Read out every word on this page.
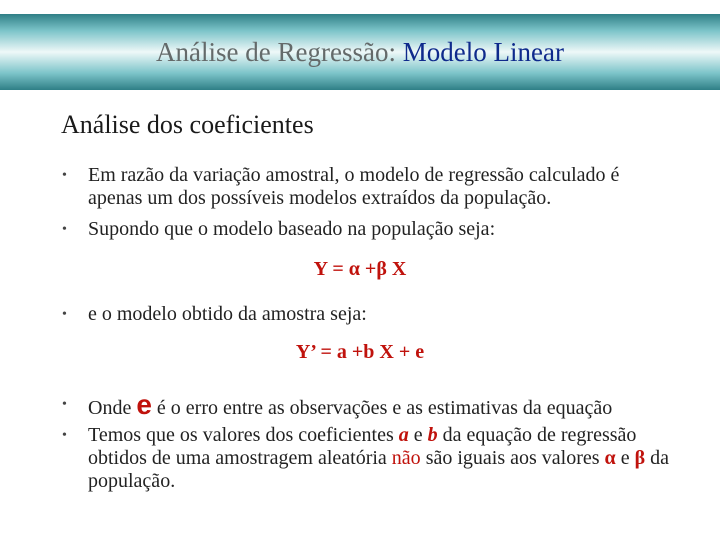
Análise de Regressão: Modelo Linear
Análise dos coeficientes
• Em razão da variação amostral, o modelo de regressão calculado é apenas um dos possíveis modelos extraídos da população.
• Supondo que o modelo baseado na população seja:
Y = α +β X
• e o modelo obtido da amostra seja:
Y’ = a +b X + e
• Onde e é o erro entre as observações e as estimativas da equação
• Temos que os valores dos coeficientes a e b da equação de regressão obtidos de uma amostragem aleatória não são iguais aos valores α e β da população.
